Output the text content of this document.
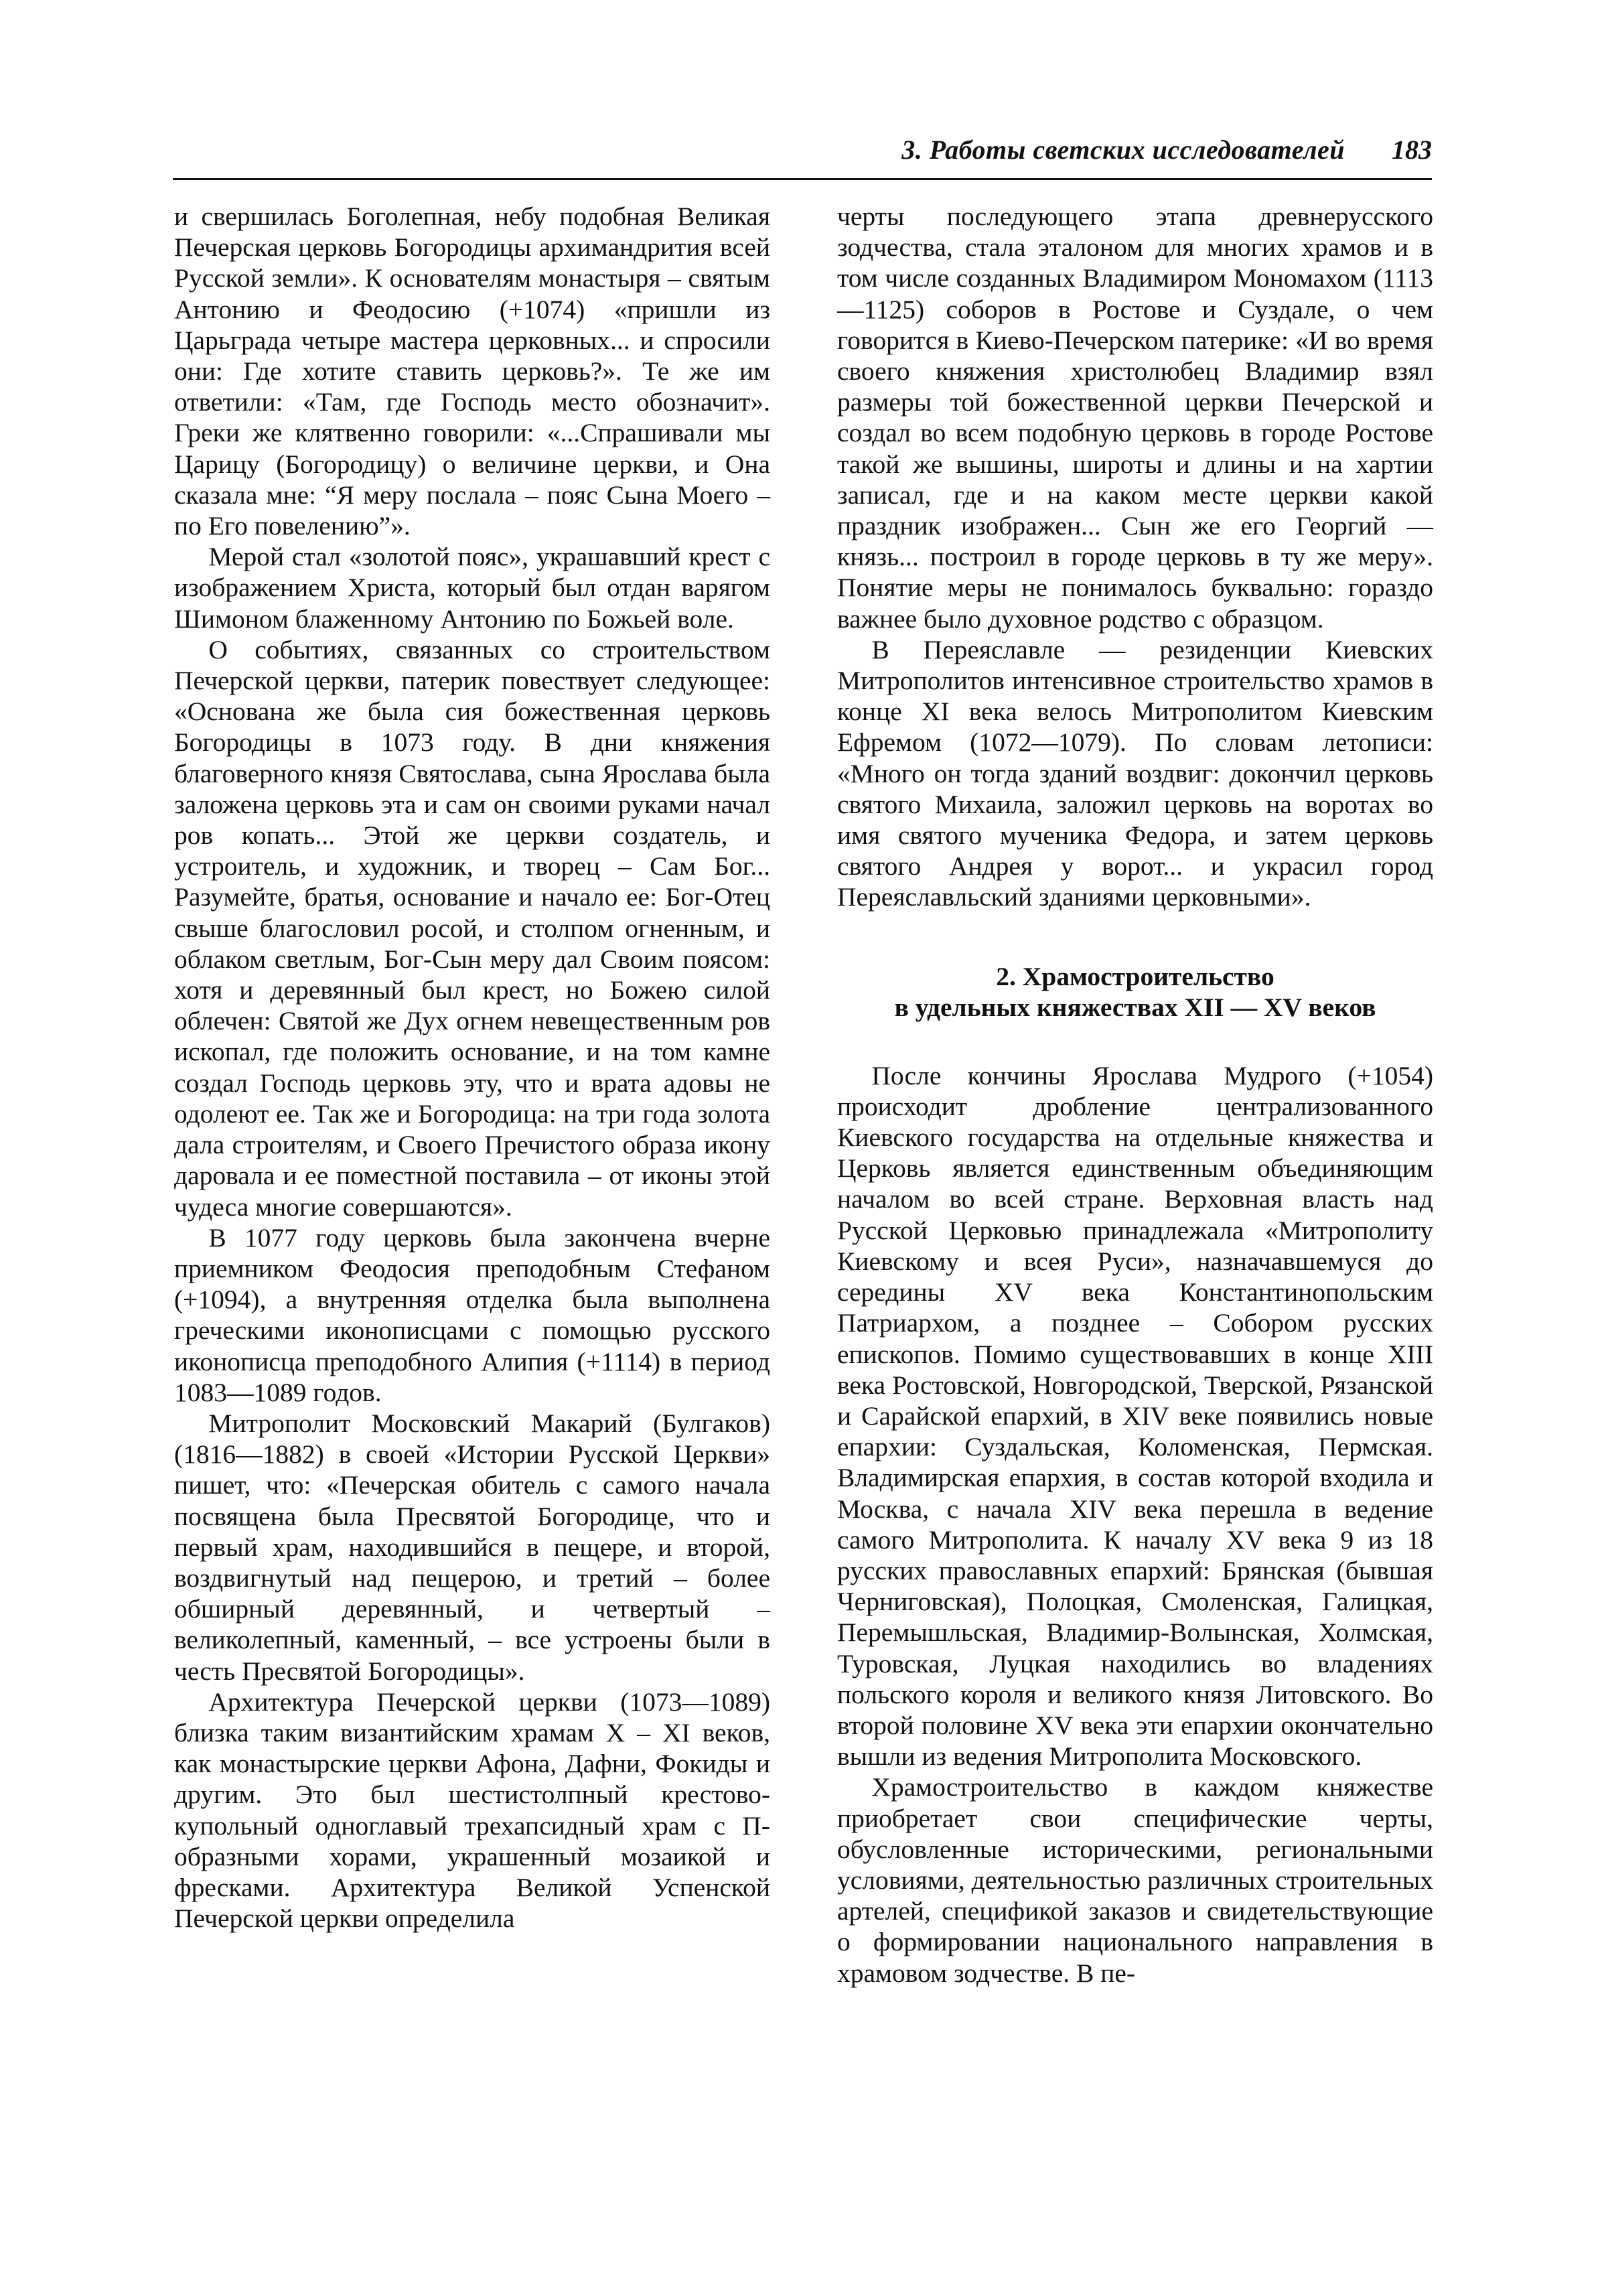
3. Работы светских исследователей 183

и свершилась Боголепная, небу подобная Великая Печерская церковь Богородицы архимандрития всей Русской земли». К основателям монастыря – святым Антонию и Феодосию (+1074) «пришли из Царьграда четыре мастера церковных... и спросили они: Где хотите ставить церковь?». Те же им ответили: «Там, где Господь место обозначит». Греки же клятвенно говорили: «...Спрашивали мы Царицу (Богородицу) о величине церкви, и Она сказала мне: “Я меру послала – пояс Сына Моего – по Его повелению”».

Мерой стал «золотой пояс», украшавший крест с изображением Христа, который был отдан варягом Шимоном блаженному Антонию по Божьей воле.

О событиях, связанных со строительством Печерской церкви, патерик повествует следующее: «Основана же была сия божественная церковь Богородицы в 1073 году. В дни княжения благоверного князя Святослава, сына Ярослава была заложена церковь эта и сам он своими руками начал ров копать... Этой же церкви создатель, и устроитель, и художник, и творец – Сам Бог... Разумейте, братья, основание и начало ее: Бог-Отец свыше благословил росой, и столпом огненным, и облаком светлым, Бог-Сын меру дал Своим поясом: хотя и деревянный был крест, но Божею силой облечен: Святой же Дух огнем невещественным ров ископал, где положить основание, и на том камне создал Господь церковь эту, что и врата адовы не одолеют ее. Так же и Богородица: на три года золота дала строителям, и Своего Пречистого образа икону даровала и ее поместной поставила – от иконы этой чудеса многие совершаются».

В 1077 году церковь была закончена вчерне приемником Феодосия преподобным Стефаном (+1094), а внутренняя отделка была выполнена греческими иконописцами с помощью русского иконописца преподобного Алипия (+1114) в период 1083—1089 годов.

Митрополит Московский Макарий (Булгаков) (1816—1882) в своей «Истории Русской Церкви» пишет, что: «Печерская обитель с самого начала посвящена была Пресвятой Богородице, что и первый храм, находившийся в пещере, и второй, воздвигнутый над пещерою, и третий – более обширный деревянный, и четвертый – великолепный, каменный, – все устроены были в честь Пресвятой Богородицы».

Архитектура Печерской церкви (1073—1089) близка таким византийским храмам X – XI веков, как монастырские церкви Афона, Дафни, Фокиды и другим. Это был шестистолпный крестово-купольный одноглавый трехапсидный храм с П-образными хорами, украшенный мозаикой и фресками. Архитектура Великой Успенской Печерской церкви определила

черты последующего этапа древнерусского зодчества, стала эталоном для многих храмов и в том числе созданных Владимиром Мономахом (1113—1125) соборов в Ростове и Суздале, о чем говорится в Киево-Печерском патерике: «И во время своего княжения христолюбец Владимир взял размеры той божественной церкви Печерской и создал во всем подобную церковь в городе Ростове такой же вышины, широты и длины и на хартии записал, где и на каком месте церкви какой праздник изображен... Сын же его Георгий — князь... построил в городе церковь в ту же меру». Понятие меры не понималось буквально: гораздо важнее было духовное родство с образцом.

В Переяславле — резиденции Киевских Митрополитов интенсивное строительство храмов в конце XI века велось Митрополитом Киевским Ефремом (1072—1079). По словам летописи: «Много он тогда зданий воздвиг: докончил церковь святого Михаила, заложил церковь на воротах во имя святого мученика Федора, и затем церковь святого Андрея у ворот... и украсил город Переяславльский зданиями церковными».

2. Храмостроительство
в удельных княжествах XII — XV веков

После кончины Ярослава Мудрого (+1054) происходит дробление централизованного Киевского государства на отдельные княжества и Церковь является единственным объединяющим началом во всей стране. Верховная власть над Русской Церковью принадлежала «Митрополиту Киевскому и всея Руси», назначавшемуся до середины XV века Константинопольским Патриархом, а позднее – Собором русских епископов. Помимо существовавших в конце XIII века Ростовской, Новгородской, Тверской, Рязанской и Сарайской епархий, в XIV веке появились новые епархии: Суздальская, Коломенская, Пермская. Владимирская епархия, в состав которой входила и Москва, с начала XIV века перешла в ведение самого Митрополита. К началу XV века 9 из 18 русских православных епархий: Брянская (бывшая Черниговская), Полоцкая, Смоленская, Галицкая, Перемышльская, Владимир-Волынская, Холмская, Туровская, Луцкая находились во владениях польского короля и великого князя Литовского. Во второй половине XV века эти епархии окончательно вышли из ведения Митрополита Московского.

Храмостроительство в каждом княжестве приобретает свои специфические черты, обусловленные историческими, региональными условиями, деятельностью различных строительных артелей, спецификой заказов и свидетельствующие о формировании национального направления в храмовом зодчестве. В пе-
